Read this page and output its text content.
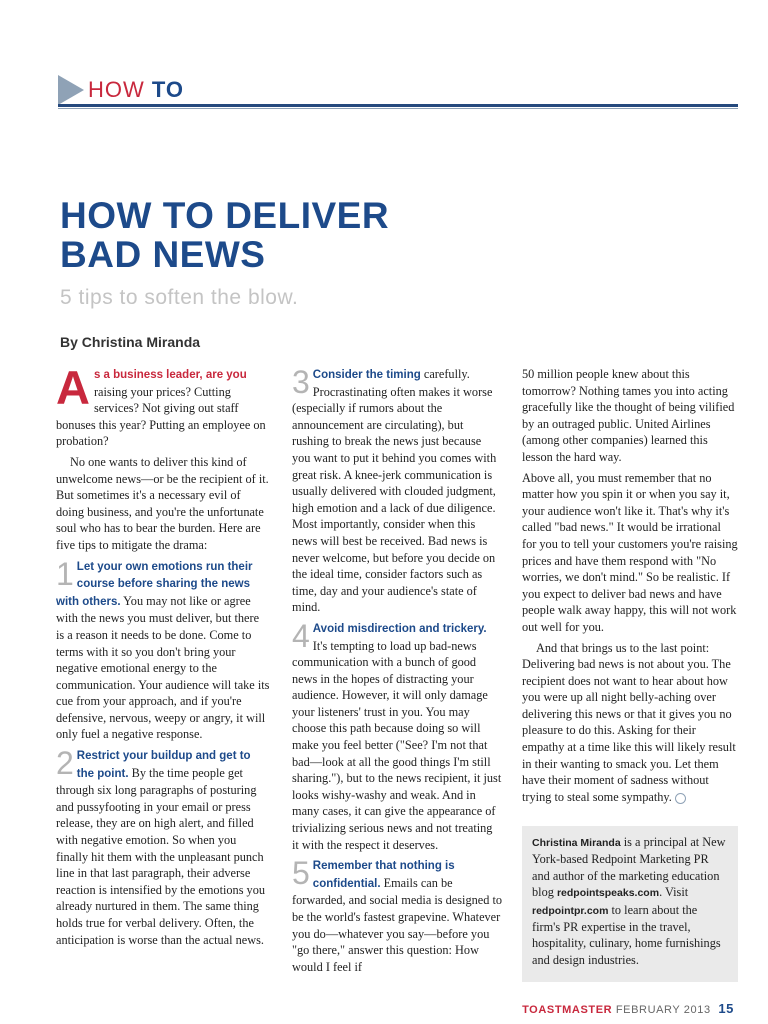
HOW TO
HOW TO DELIVER
BAD NEWS
5 tips to soften the blow.
By Christina Miranda

As a business leader, are you raising your prices? Cutting services? Not giving out staff bonuses this year? Putting an employee on probation?

No one wants to deliver this kind of unwelcome news—or be the recipient of it. But sometimes it's a necessary evil of doing business, and you're the unfortunate soul who has to bear the burden. Here are five tips to mitigate the drama:

1 Let your own emotions run their course before sharing the news with others. You may not like or agree with the news you must deliver, but there is a reason it needs to be done. Come to terms with it so you don't bring your negative emotional energy to the communication. Your audience will take its cue from your approach, and if you're defensive, nervous, weepy or angry, it will only fuel a negative response.

2 Restrict your buildup and get to the point. By the time people get through six long paragraphs of posturing and pussyfooting in your email or press release, they are on high alert, and filled with negative emotion. So when you finally hit them with the unpleasant punch line in that last paragraph, their adverse reaction is intensified by the emotions you already nurtured in them. The same thing holds true for verbal delivery. Often, the anticipation is worse than the actual news.

3 Consider the timing carefully. Procrastinating often makes it worse (especially if rumors about the announcement are circulating), but rushing to break the news just because you want to put it behind you comes with great risk. A knee-jerk communication is usually delivered with clouded judgment, high emotion and a lack of due diligence. Most importantly, consider when this news will best be received. Bad news is never welcome, but before you decide on the ideal time, consider factors such as time, day and your audience's state of mind.

4 Avoid misdirection and trickery. It's tempting to load up bad-news communication with a bunch of good news in the hopes of distracting your audience. However, it will only damage your listeners' trust in you. You may choose this path because doing so will make you feel better ("See? I'm not that bad—look at all the good things I'm still sharing."), but to the news recipient, it just looks wishy-washy and weak. And in many cases, it can give the appearance of trivializing serious news and not treating it with the respect it deserves.

5 Remember that nothing is confidential. Emails can be forwarded, and social media is designed to be the world's fastest grapevine. Whatever you do—whatever you say—before you "go there," answer this question: How would I feel if

50 million people knew about this tomorrow? Nothing tames you into acting gracefully like the thought of being vilified by an outraged public. United Airlines (among other companies) learned this lesson the hard way.

Above all, you must remember that no matter how you spin it or when you say it, your audience won't like it. That's why it's called "bad news." It would be irrational for you to tell your customers you're raising prices and have them respond with "No worries, we don't mind." So be realistic. If you expect to deliver bad news and have people walk away happy, this will not work out well for you.

And that brings us to the last point: Delivering bad news is not about you. The recipient does not want to hear about how you were up all night belly-aching over delivering this news or that it gives you no pleasure to do this. Asking for their empathy at a time like this will likely result in their wanting to smack you. Let them have their moment of sadness without trying to steal some sympathy.

Christina Miranda is a principal at New York-based Redpoint Marketing PR and author of the marketing education blog redpointspeaks.com. Visit redpointpr.com to learn about the firm's PR expertise in the travel, hospitality, culinary, home furnishings and design industries.
TOASTMASTER FEBRUARY 2013 15
